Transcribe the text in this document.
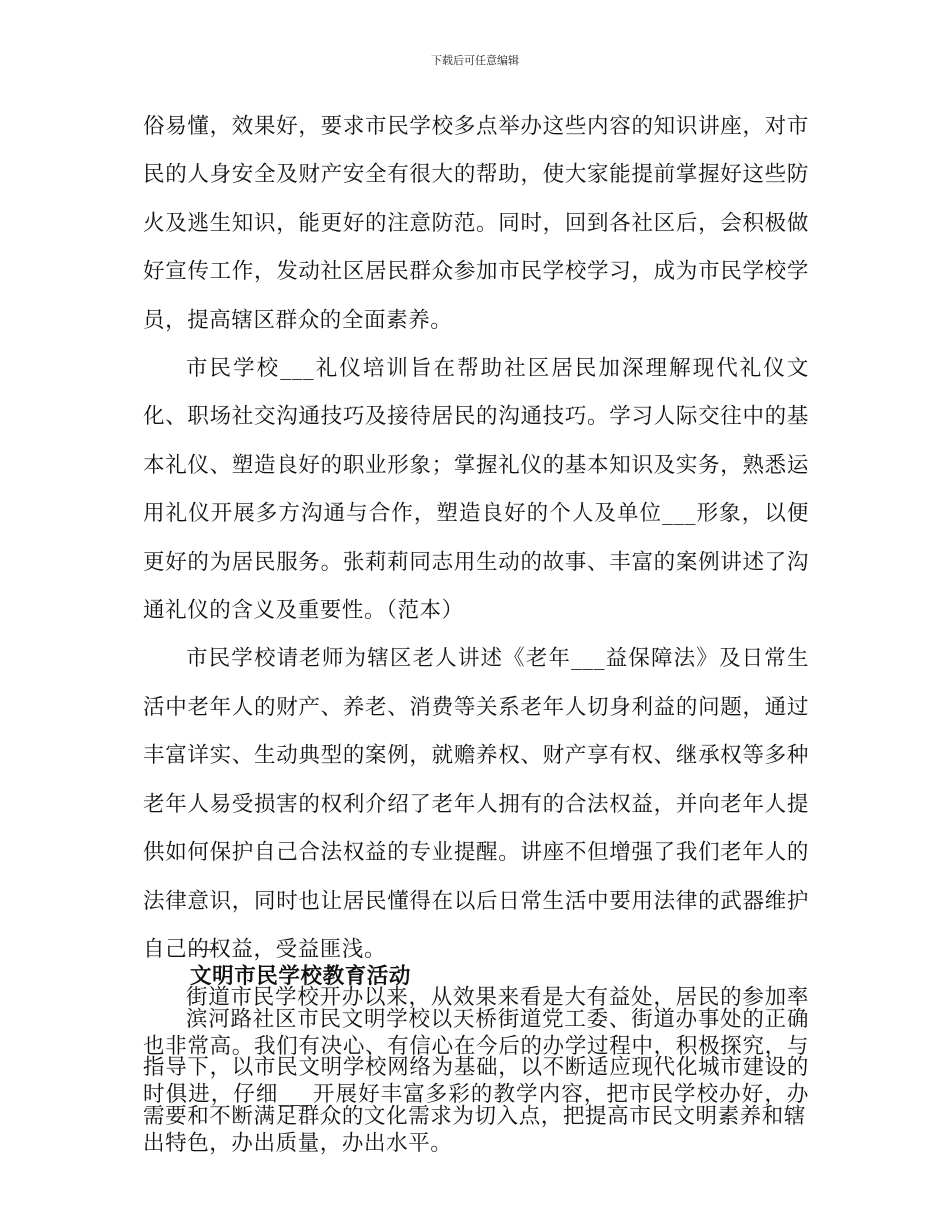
下载后可任意编辑

俗易懂，效果好，要求市民学校多点举办这些内容的知识讲座，对市民的人身安全及财产安全有很大的帮助，使大家能提前掌握好这些防火及逃生知识，能更好的注意防范。同时，回到各社区后，会积极做好宣传工作，发动社区居民群众参加市民学校学习，成为市民学校学员，提高辖区群众的全面素养。

市民学校___礼仪培训旨在帮助社区居民加深理解现代礼仪文化、职场社交沟通技巧及接待居民的沟通技巧。学习人际交往中的基本礼仪、塑造良好的职业形象；掌握礼仪的基本知识及实务，熟悉运用礼仪开展多方沟通与合作，塑造良好的个人及单位___形象，以便更好的为居民服务。张莉莉同志用生动的故事、丰富的案例讲述了沟通礼仪的含义及重要性。（范本）

市民学校请老师为辖区老人讲述《老年___益保障法》及日常生活中老年人的财产、养老、消费等关系老年人切身利益的问题，通过丰富详实、生动典型的案例，就赡养权、财产享有权、继承权等多种老年人易受损害的权利介绍了老年人拥有的合法权益，并向老年人提供如何保护自己合法权益的专业提醒。讲座不但增强了我们老年人的法律意识，同时也让居民懂得在以后日常生活中要用法律的武器维护自己的权益，受益匪浅。

街道市民学校开办以来，从效果来看是大有益处，居民的参加率也非常高。我们有决心、有信心在今后的办学过程中，积极探究，与时俱进，仔细___开展好丰富多彩的教学内容，把市民学校办好，办出特色，办出质量，办出水平。

文明市民学校教育活动

滨河路社区市民文明学校以天桥街道党工委、街道办事处的正确指导下，以市民文明学校网络为基础，以不断适应现代化城市建设的需要和不断满足群众的文化需求为切入点，把提高市民文明素养和辖
